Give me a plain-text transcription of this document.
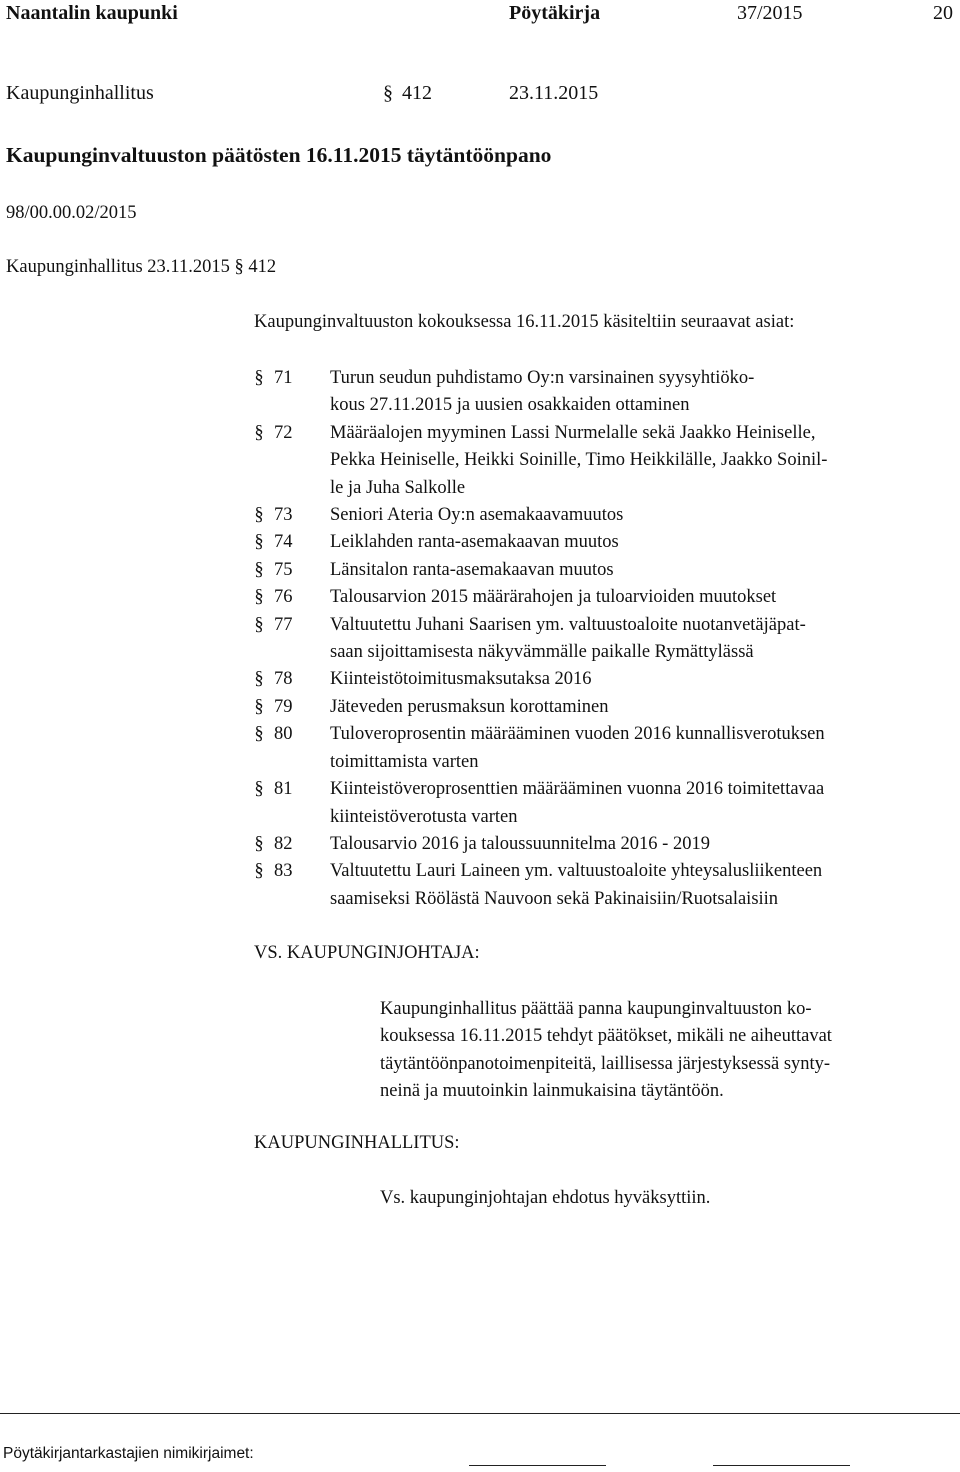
Naantalin kaupunki	Pöytäkirja	37/2015	20
Kaupunginhallitus	§ 412	23.11.2015
Kaupunginvaltuuston päätösten 16.11.2015 täytäntöönpano
98/00.00.02/2015
Kaupunginhallitus 23.11.2015 § 412
Kaupunginvaltuuston kokouksessa 16.11.2015 käsiteltiin seuraavat asiat:
§ 71 Turun seudun puhdistamo Oy:n varsinainen syysyhtiöko-
kous 27.11.2015 ja uusien osakkaiden ottaminen
§ 72 Määräalojen myyminen Lassi Nurmelalle sekä Jaakko Heiniselle,
Pekka Heiniselle, Heikki Soinille, Timo Heikkilälle, Jaakko Soinil-
le ja Juha Salkolle
§ 73 Seniori Ateria Oy:n asemakaavamuutos
§ 74 Leiklahden ranta-asemakaavan muutos
§ 75 Länsitalon ranta-asemakaavan muutos
§ 76 Talousarvion 2015 määrärahojen ja tuloarvioiden muutokset
§ 77 Valtuutettu Juhani Saarisen ym. valtuustoaloite nuotanvetäjäpat-
saan sijoittamisesta näkyvämmälle paikalle Rymättylässä
§ 78 Kiinteistötoimitusmaksutaksa 2016
§ 79 Jäteveden perusmaksun korottaminen
§ 80 Tuloveroprosentin määrääminen vuoden 2016 kunnallisverotuksen
toimittamista varten
§ 81 Kiinteistöveroprosenttien määrääminen vuonna 2016 toimitettavaa
kiinteistöverotusta varten
§ 82 Talousarvio 2016 ja taloussuunnitelma 2016 - 2019
§ 83 Valtuutettu Lauri Laineen ym. valtuustoaloite yhteysalusliikenteen
saamiseksi Röölästä Nauvoon sekä Pakinaisiin/Ruotsalaisiin
VS. KAUPUNGINJOHTAJA:
Kaupunginhallitus päättää panna kaupunginvaltuuston ko-
kouksessa 16.11.2015 tehdyt päätökset, mikäli ne aiheuttavat
täytäntöönpanotoimenpiteitä, laillisessa järjestyksessä synty-
neinä ja muutoinkin lainmukaisina täytäntöön.
KAUPUNGINHALLITUS:
Vs. kaupunginjohtajan ehdotus hyväksyttiin.
Pöytäkirjantarkastajien nimikirjaimet:
